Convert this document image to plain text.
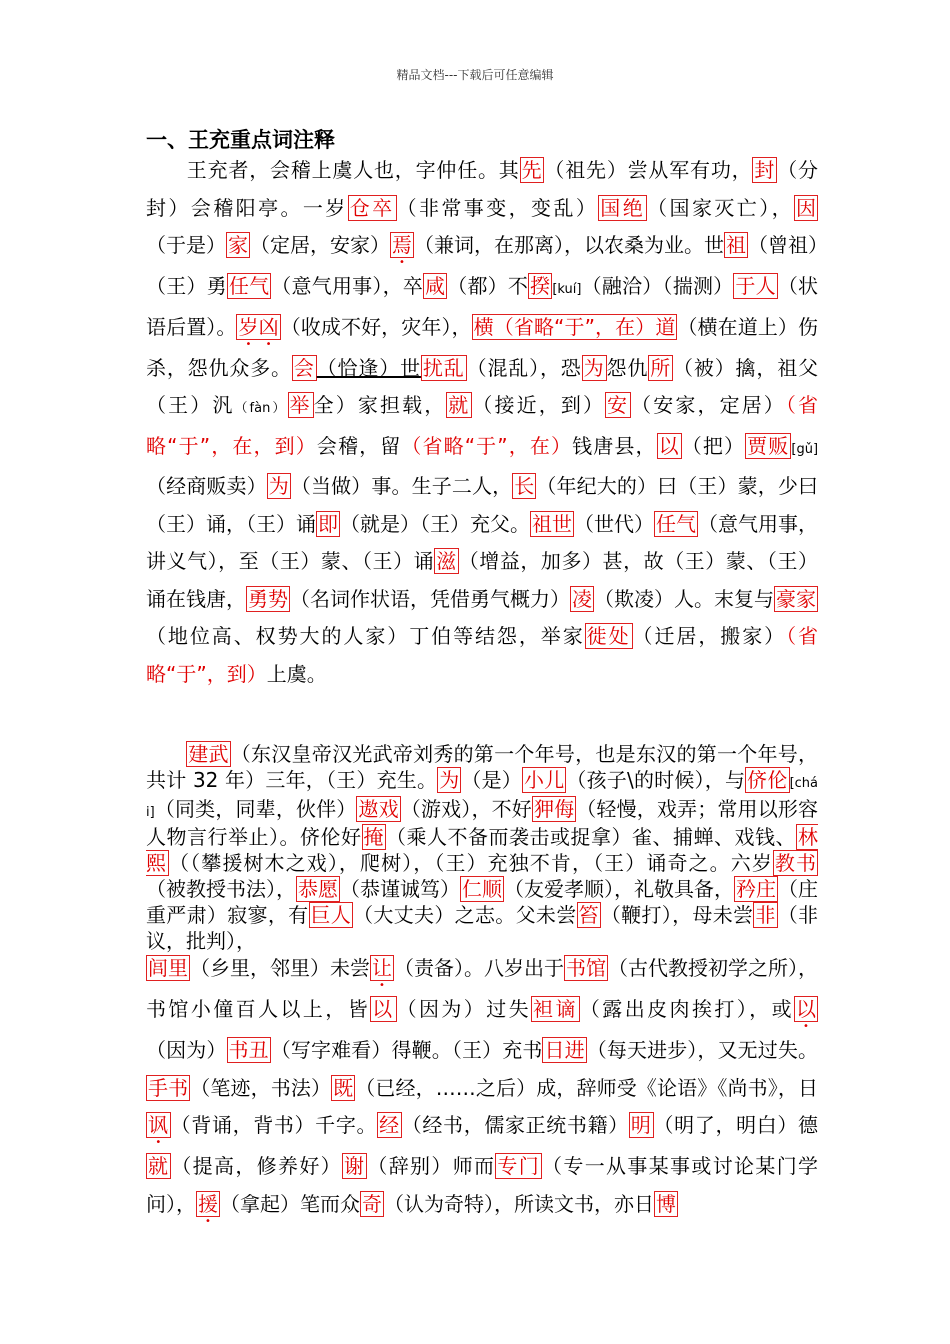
精品文档---下载后可任意编辑
一、王充重点词注释
王充者，会稽上虞人也，字仲任。其 先 （祖先）尝从军有功， 封 （分封）会稽阳亭。一岁 仓卒 （非常事变，变乱） 国绝 （国家灭亡）， 因（于是） 家 （定居，安家） 焉 （兼词，在那离），以农桑为业。世 祖 （曾祖）（王）勇 任气 （意气用事），卒 咸 （都）不 揆 [kuí]（融洽）（揣测） 于人 （状语后置）。 岁凶 （收成不好，灾年）， 横（省略“于”，在）道 （横在道上）伤杀，怨仇众多。 会 （恰逢）世 扰乱 （混乱），恐 为 怨仇 所 （被）擒，祖父（王）汎（fàn） 举 全）家担载， 就 （接近，到） 安 （安家，定居）（省略“于”，在，到）会稽，留（省略“于”，在）钱唐县， 以 （把） 贾贩 [gǔ]（经商贩卖） 为 （当做）事。生子二人， 长 （年纪大的）曰（王）蒙，少曰（王）诵，（王）诵 即 （就是）（王）充父。 祖世 （世代） 任气 （意气用事，讲义气），至（王）蒙、（王）诵 滋 （增益，加多）甚，故（王）蒙、（王）诵在钱唐， 勇势 （名词作状语，凭借勇气概力） 凌 （欺凌）人。末复与 豪家（地位高、权势大的人家）丁伯等结怨，举家 徙处 （迁居，搬家）（省略“于”，到）上虞。
建武 （东汉皇帝汉光武帝刘秀的第一个年号，也是东汉的第一个年号，共计 32 年）三年，（王）充生。 为 （是） 小儿 （孩子\的时候），与 侪伦 [chái]（同类，同辈，伙伴） 遨戏 （游戏），不好 狎侮 （轻慢，戏弄；常用以形容人物言行举止）。侪伦好 掩 （乘人不备而袭击或捉拿）雀、捕蝉、戏钱、 林熙 （（攀援树木之戏），爬树），（王）充独不肯，（王）诵奇之。六岁 教书（被教授书法）， 恭愿 （恭谨诚笃） 仁顺 （友爱孝顺），礼敬具备， 矜庄 （庄重严肃）寂寥，有 巨人 （大丈夫）之志。父未尝 笞 （鞭打），母未尝 非 （非议，批判），
闾里 （乡里，邻里）未尝 让 （责备）。八岁出于 书馆 （古代教授初学之所），书馆小僮百人以上，皆 以 （因为）过失 袒谪 （露出皮肉挨打），或 以（因为） 书丑 （写字难看）得鞭。（王）充书 日进 （每天进步），又无过失。手书 （笔迹，书法） 既 （已经，……之后）成，辞师受《论语》《尚书》，日讽 （背诵，背书）千字。 经 （经书，儒家正统书籍） 明 （明了，明白）德就 （提高，修养好） 谢 （辞别）师而 专门 （专一从事某事或讨论某门学问）， 援 （拿起）笔而众 奇 （认为奇特），所读文书，亦日 博
